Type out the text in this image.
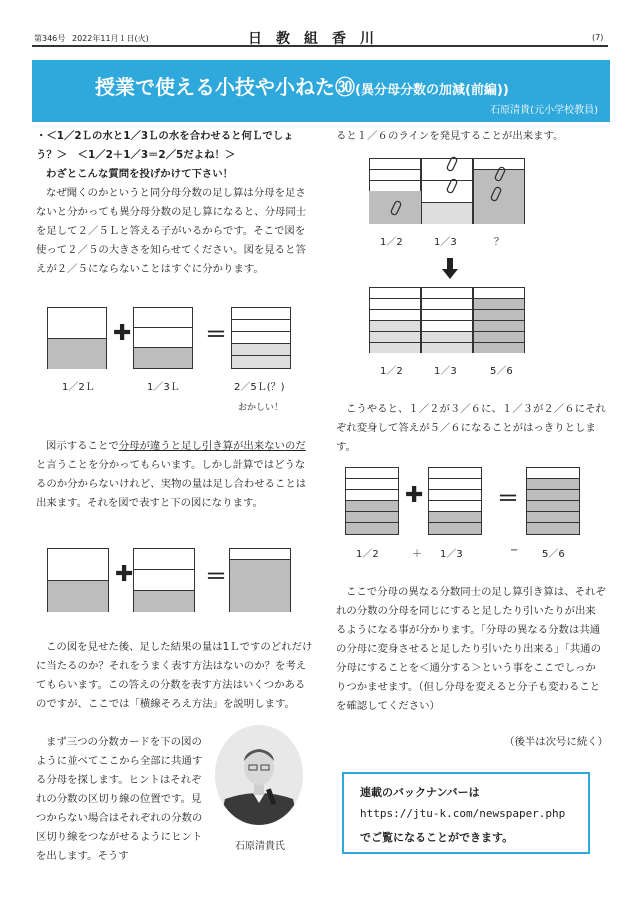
第346号 2022年11月１日(火)	日　教　組　香　川	(7)
授業で使える小技や小ねた㉚(異分母分数の加減(前編))
石原清貴(元小学校教員)
・＜1／2Ｌの水と1／3Ｌの水を合わせると何Ｌでしょう？＞　＜1／2＋1／3＝2／5だよね！＞
わざとこんな質問を投げかけて下さい！
なぜ聞くのかというと同分母分数の足し算は分母を足さないと分かっても異分母分数の足し算になると、分母同士を足して２／５Ｌと答える子がいるからです。そこで図を使って２／５の大きさを知らせてください。図を見ると答えが２／５にならないことはすぐに分かります。
✚	＝
1／2Ｌ	1／3Ｌ	2／5Ｌ(？)
おかしい！
図示することで分母が違うと足し引き算が出来ないのだと言うことを分かってもらいます。しかし計算ではどうなるのか分からないけれど、実物の量は足し合わせることは出来ます。それを図で表すと下の図になります。
✚	＝
この図を見せた後、足した結果の量は1Ｌですのどれだけに当たるのか？それをうまく表す方法はないのか？を考えてもらいます。この答えの分数を表す方法はいくつかあるのですが、ここでは「横線そろえ方法」を説明します。
まず三つの分数カードを下の図のように並べてここから全部に共通する分母を探します。ヒントはそれぞれの分数の区切り線の位置です。見つからない場合はそれぞれの分数の区切り線をつながせるようにヒントを出します。そうす
石原清貴氏
ると１／６のラインを発見することが出来ます。
1／2	1／3	？
1／2	1／3	5／6
こうやると、１／２が３／６に、１／３が２／６にそれぞれ変身して答えが５／６になることがはっきりとします。
✚	＝
1／2	＋ 1／3	− 5／6
ここで分母の異なる分数同士の足し算引き算は、それぞれの分数の分母を同じにすると足したり引いたりが出来るようになる事が分かります。「分母の異なる分数は共通の分母に変身させると足したり引いたり出来る」「共通の分母にすることを＜通分する＞という事をここでしっかりつかませます。（但し分母を変えると分子も変わることを確認してください）
（後半は次号に続く）
連載のバックナンバーは
https://jtu-k.com/newspaper.php
でご覧になることができます。
